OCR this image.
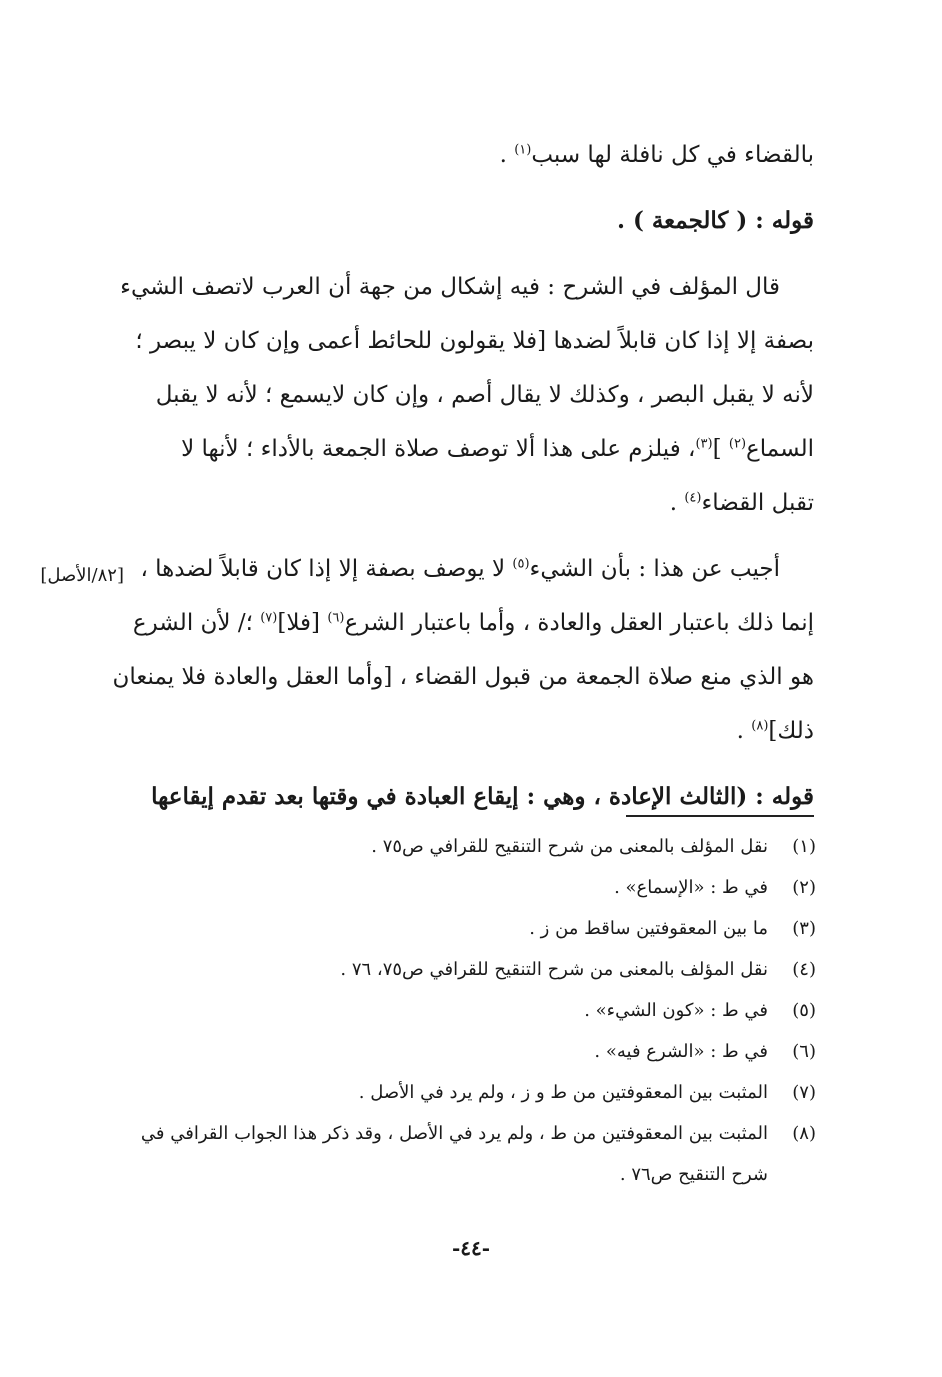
بالقضاء في كل نافلة لها سبب$^{(١)}$ .
قوله : ( كالجمعة ) .
قال المؤلف في الشرح : فيه إشكال من جهة أن العرب لاتصف الشيء
بصفة إلا إذا كان قابلاً لضدها [فلا يقولون للحائط أعمى وإن كان لا يبصر ؛
لأنه لا يقبل البصر ، وكذلك لا يقال أصم ، وإن كان لايسمع ؛ لأنه لا يقبل
السماع$^{(٢)}$ ]$^{(٣)}$، فيلزم على هذا ألا توصف صلاة الجمعة بالأداء ؛ لأنها لا
تقبل القضاء$^{(٤)}$ .
أجيب عن هذا : بأن الشيء$^{(٥)}$ لا يوصف بصفة إلا إذا كان قابلاً لضدها ،
إنما ذلك باعتبار العقل والعادة ، وأما باعتبار الشرع$^{(٦)}$ [فلا]$^{(٧)}$ ؛/ لأن الشرع
هو الذي منع صلاة الجمعة من قبول القضاء ، [وأما العقل والعادة فلا يمنعان
ذلك]$^{(٨)}$ .
قوله : (الثالث الإعادة ، وهي : إيقاع العبادة في وقتها بعد تقدم إيقاعها
[٨٢/الأصل]
(١)
نقل المؤلف بالمعنى من شرح التنقيح للقرافي ص٧٥ .
(٢)
في ط : «الإسماع» .
(٣)
ما بين المعقوفتين ساقط من ز .
(٤)
نقل المؤلف بالمعنى من شرح التنقيح للقرافي ص٧٥، ٧٦ .
(٥)
في ط : «كون الشيء» .
(٦)
في ط : «الشرع فيه» .
(٧)
المثبت بين المعقوفتين من ط و ز ، ولم يرد في الأصل .
(٨)
المثبت بين المعقوفتين من ط ، ولم يرد في الأصل ، وقد ذكر هذا الجواب القرافي في
شرح التنقيح ص٧٦ .
-٤٤-
